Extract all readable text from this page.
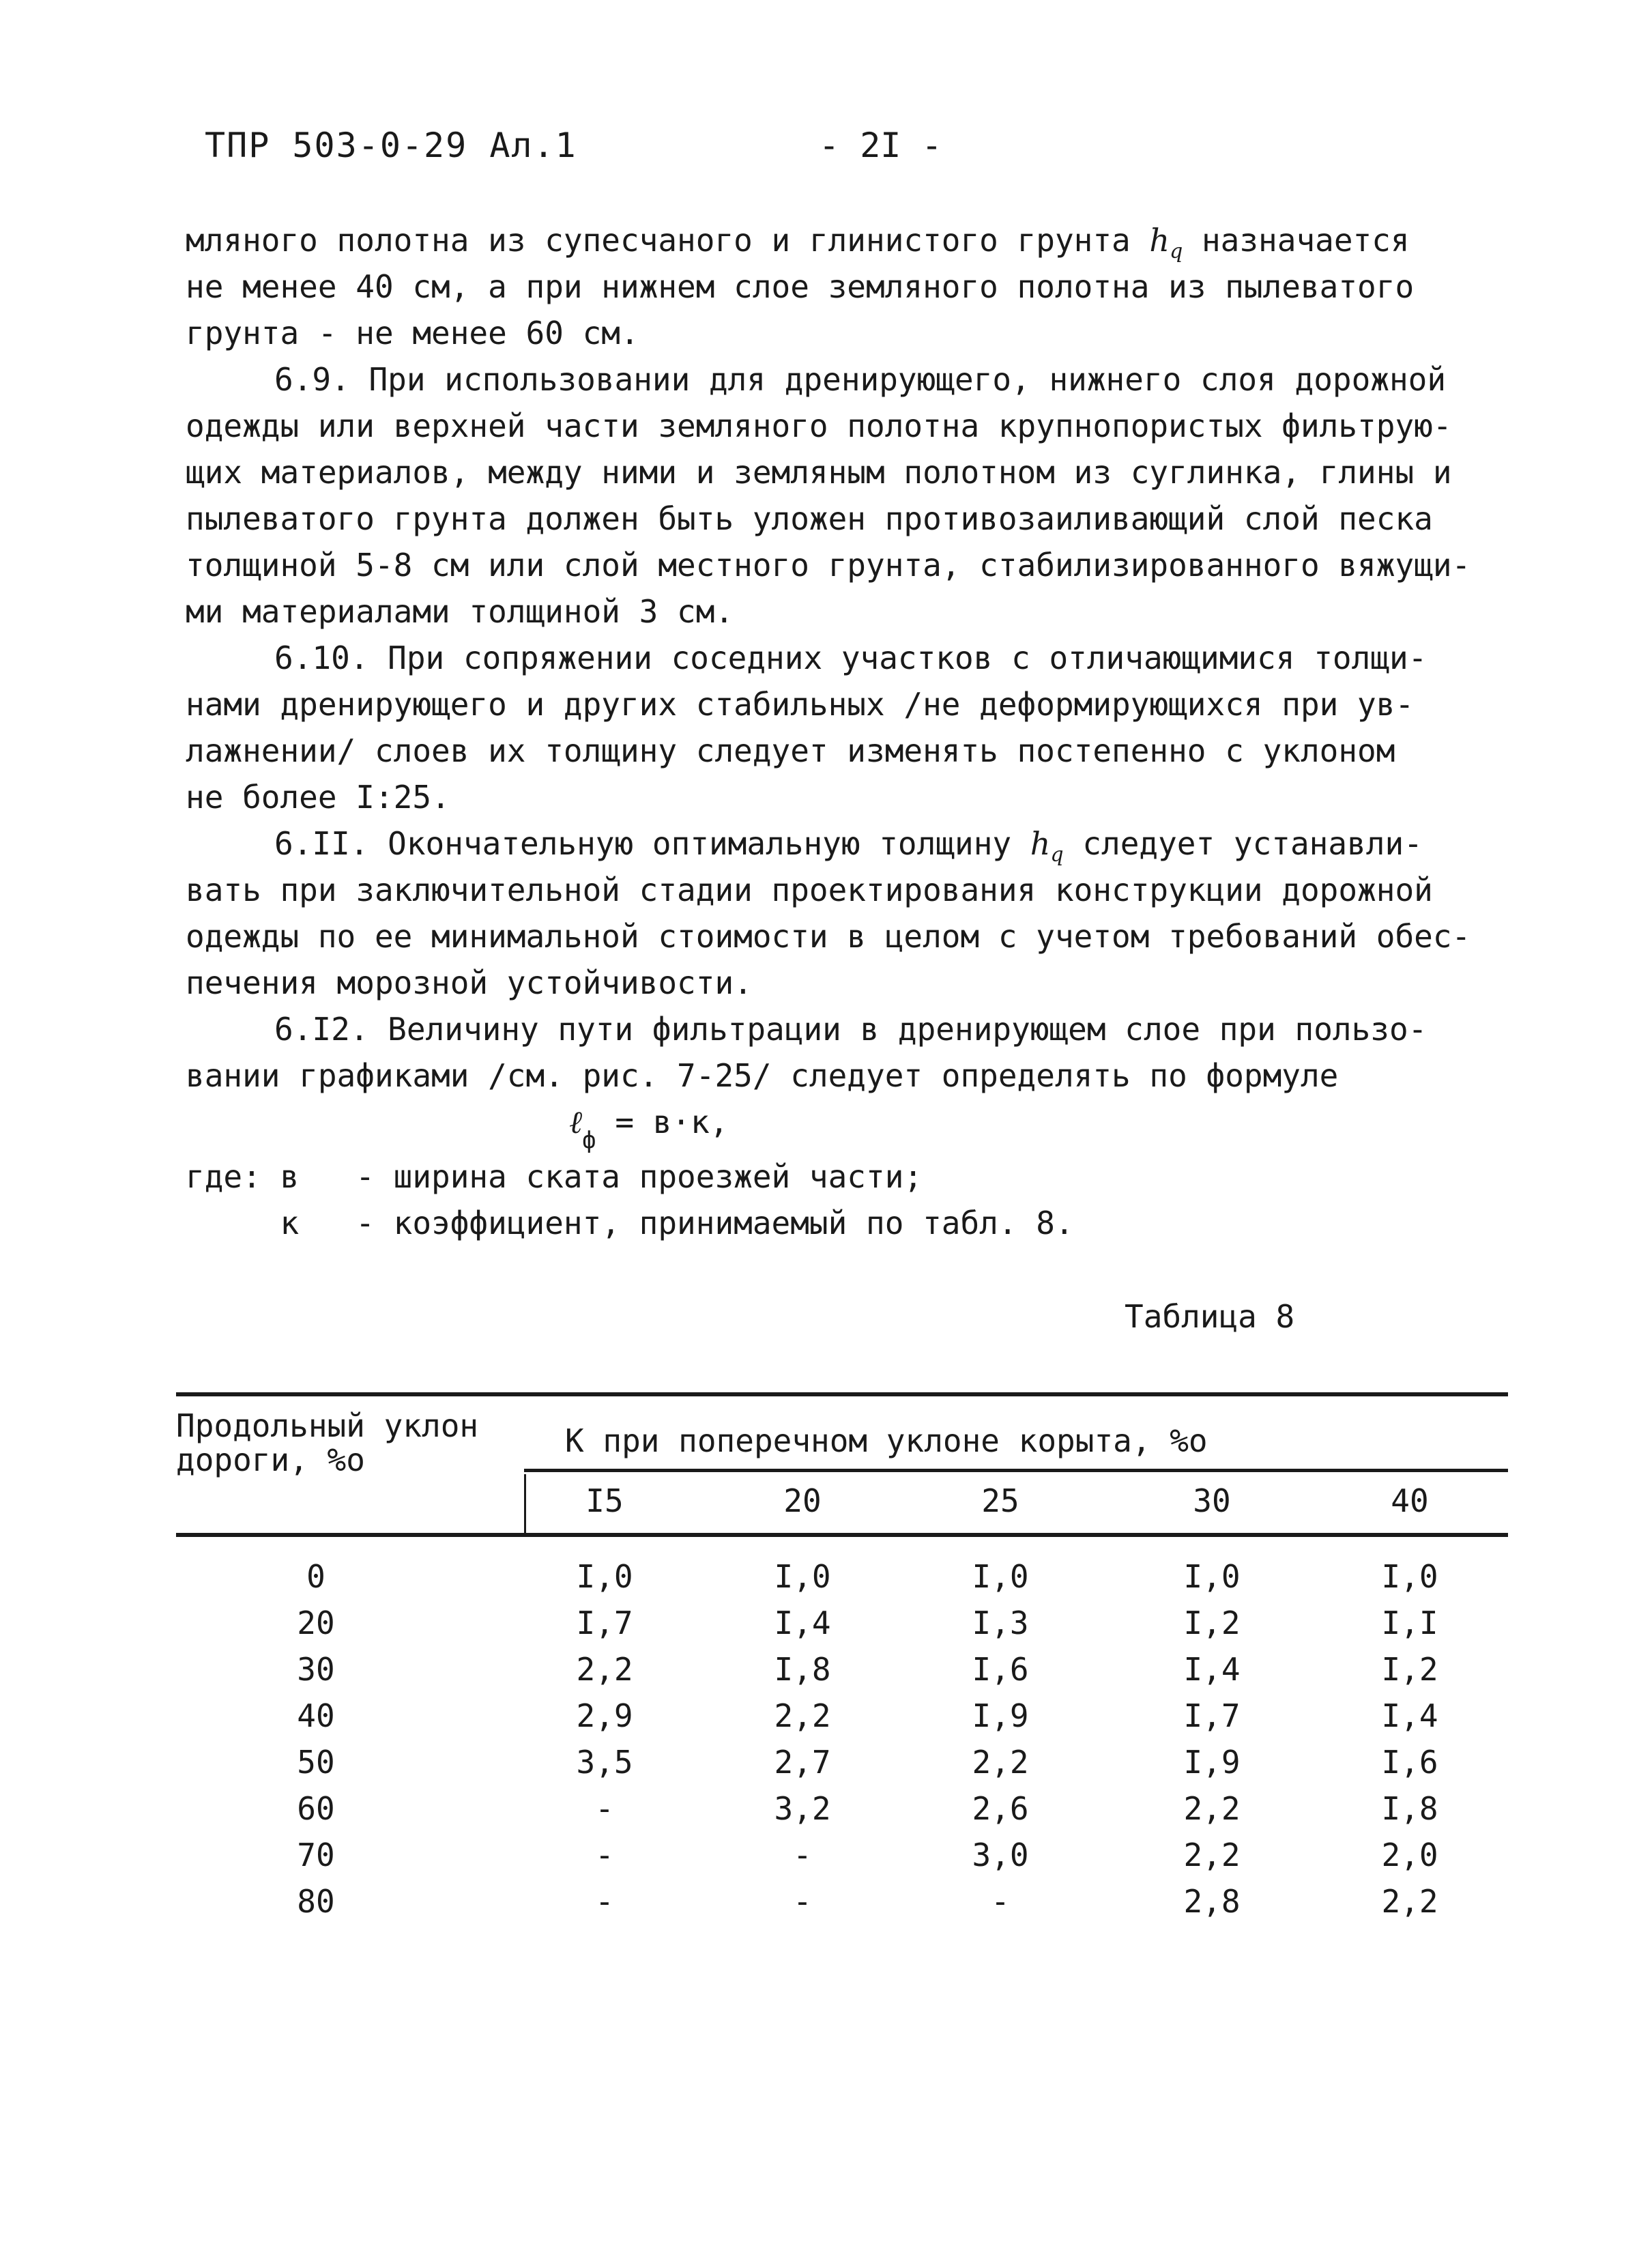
ТПР 503-0-29 Ал.1	- 2I -
мляного полотна из супесчаного и глинистого грунта $h_q$ назначается
не менее 40 см, а при нижнем слое земляного полотна из пылеватого
грунта - не менее 60 см.
6.9. При использовании для дренирующего, нижнего слоя дорожной
одежды или верхней части земляного полотна крупнопористых фильтрую-
щих материалов, между ними и земляным полотном из суглинка, глины и
пылеватого грунта должен быть уложен противозаиливающий слой песка
толщиной 5-8 см или слой местного грунта, стабилизированного вяжущи-
ми материалами толщиной 3 см.
6.10. При сопряжении соседних участков с отличающимися толщи-
нами дренирующего и других стабильных /не деформирующихся при ув-
лажнении/ слоев их толщину следует изменять постепенно с уклоном
не более I:25.
6.II. Окончательную оптимальную толщину $h_q$ следует устанавли-
вать при заключительной стадии проектирования конструкции дорожной
одежды по ее минимальной стоимости в целом с учетом требований обес-
печения морозной устойчивости.
6.I2. Величину пути фильтрации в дренирующем слое при пользо-
вании графиками /см. рис. 7-25/ следует определять по формуле
ℓ$_ф$ = в·к,
где: в   - ширина ската проезжей части;
к   - коэффициент, принимаемый по табл. 8.
Таблица 8
Продольный уклон
дороги, %о
К при поперечном уклоне корыта, %о
I5	20	25	30	40
0	I,0	I,0	I,0	I,0	I,0
20	I,7	I,4	I,3	I,2	I,I
30	2,2	I,8	I,6	I,4	I,2
40	2,9	2,2	I,9	I,7	I,4
50	3,5	2,7	2,2	I,9	I,6
60	-	3,2	2,6	2,2	I,8
70	-	-	3,0	2,2	2,0
80	-	-	-	2,8	2,2
